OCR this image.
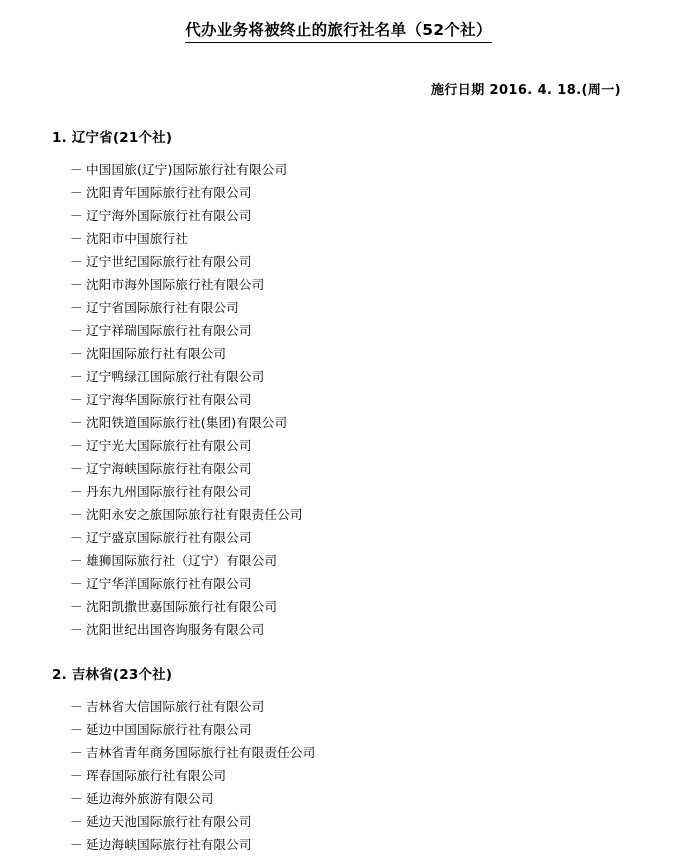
代办业务将被终止的旅行社名单（52个社）

施行日期 2016. 4. 18.(周一)

1. 辽宁省(21个社)
－ 中国国旅(辽宁)国际旅行社有限公司
－ 沈阳青年国际旅行社有限公司
－ 辽宁海外国际旅行社有限公司
－ 沈阳市中国旅行社
－ 辽宁世纪国际旅行社有限公司
－ 沈阳市海外国际旅行社有限公司
－ 辽宁省国际旅行社有限公司
－ 辽宁祥瑞国际旅行社有限公司
－ 沈阳国际旅行社有限公司
－ 辽宁鸭绿江国际旅行社有限公司
－ 辽宁海华国际旅行社有限公司
－ 沈阳铁道国际旅行社(集团)有限公司
－ 辽宁光大国际旅行社有限公司
－ 辽宁海峡国际旅行社有限公司
－ 丹东九州国际旅行社有限公司
－ 沈阳永安之旅国际旅行社有限责任公司
－ 辽宁盛京国际旅行社有限公司
－ 雄狮国际旅行社（辽宁）有限公司
－ 辽宁华洋国际旅行社有限公司
－ 沈阳凯撒世嘉国际旅行社有限公司
－ 沈阳世纪出国咨询服务有限公司
2. 吉林省(23个社)
－ 吉林省大信国际旅行社有限公司
－ 延边中国国际旅行社有限公司
－ 吉林省青年商务国际旅行社有限责任公司
－ 珲春国际旅行社有限公司
－ 延边海外旅游有限公司
－ 延边天池国际旅行社有限公司
－ 延边海峡国际旅行社有限公司
